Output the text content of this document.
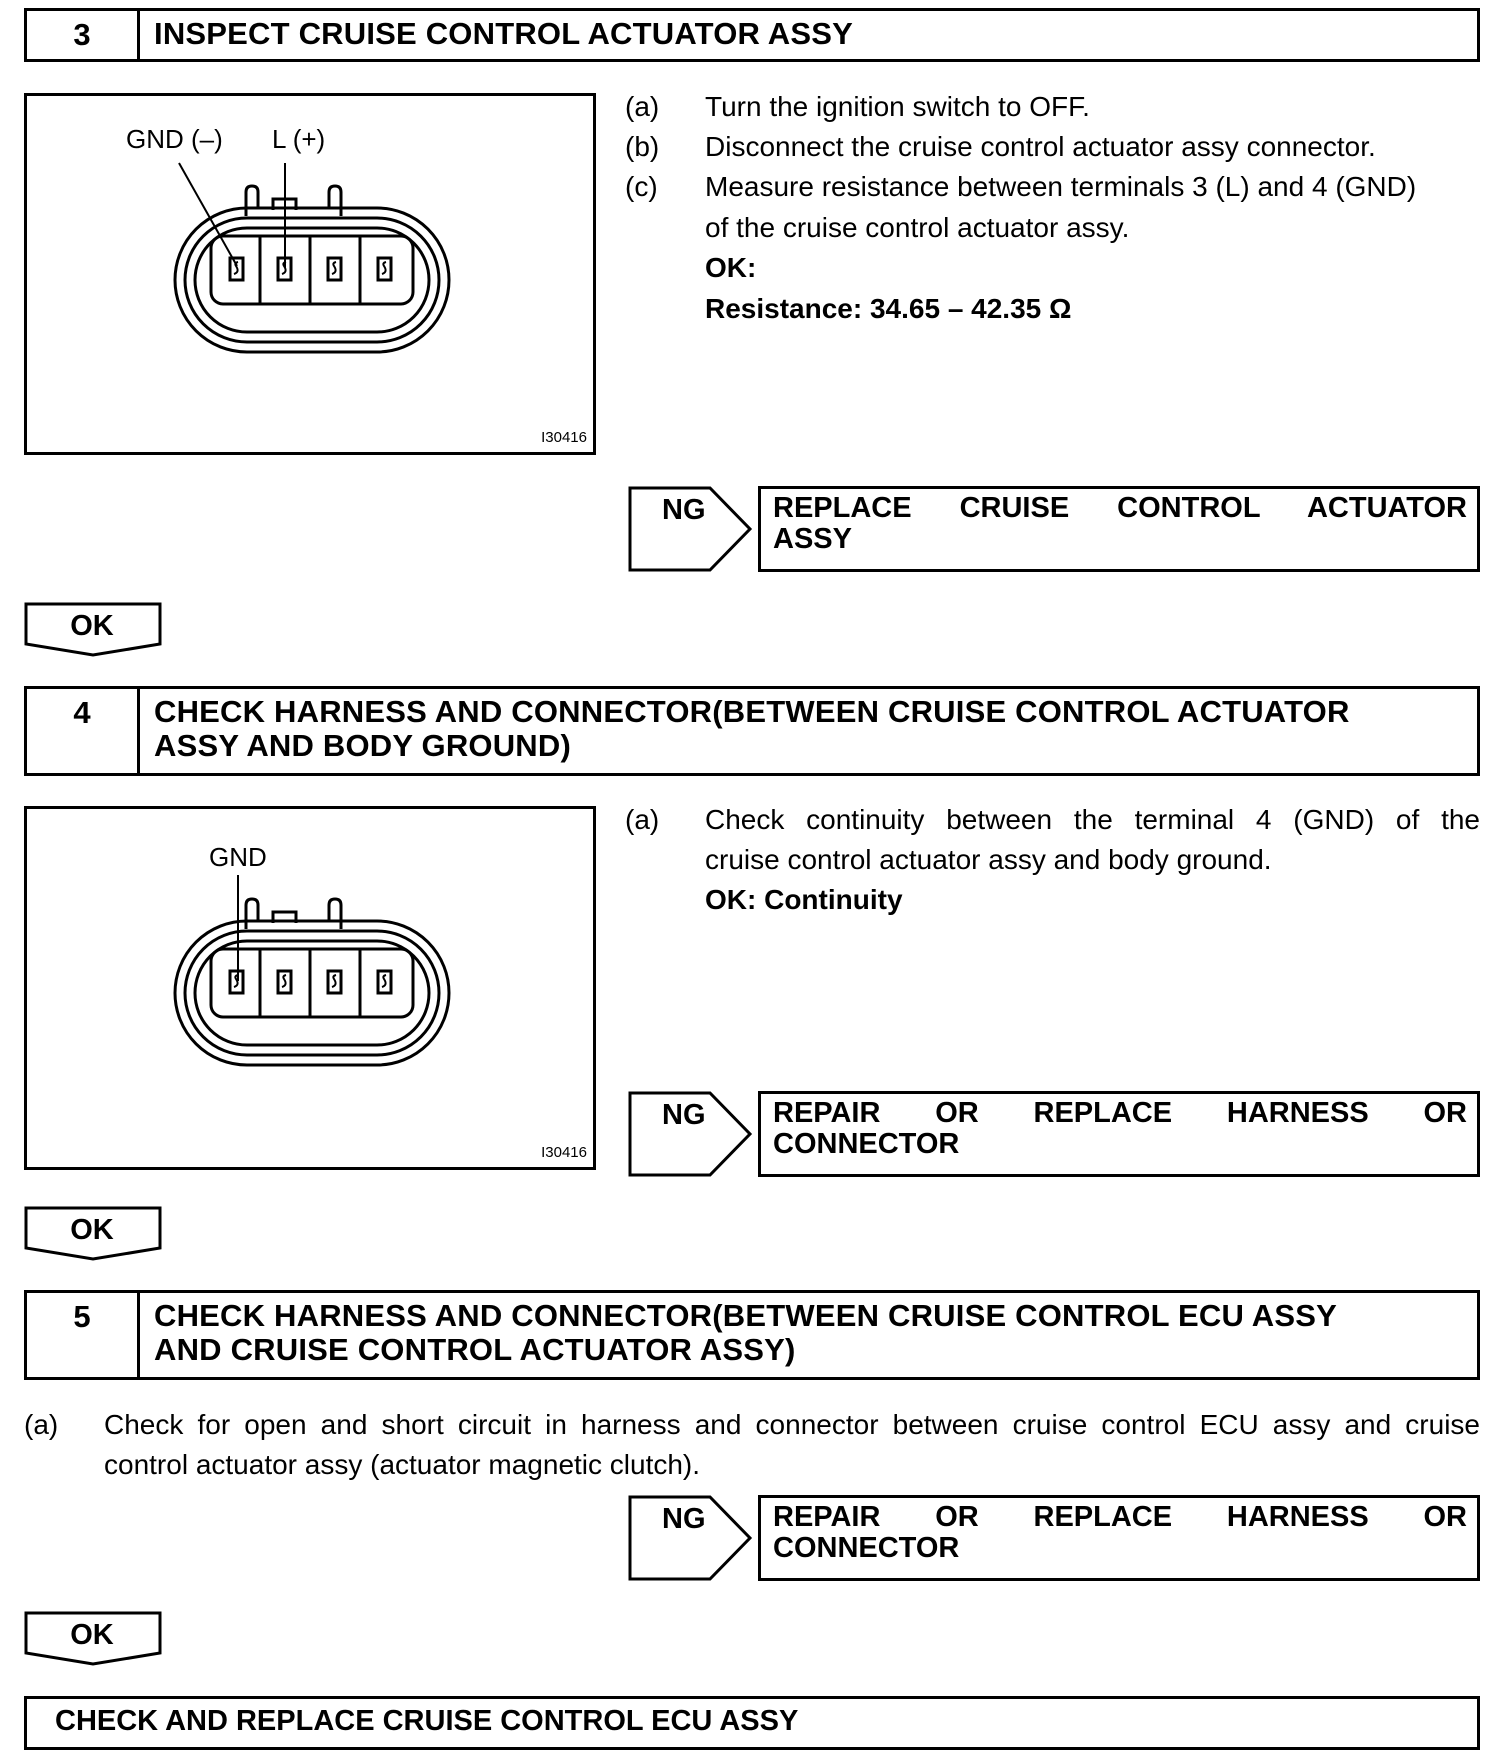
3	INSPECT CRUISE CONTROL ACTUATOR ASSY
GND (–) L (+)
I30416
(a) Turn the ignition switch to OFF.
(b) Disconnect the cruise control actuator assy connector.
(c) Measure resistance between terminals 3 (L) and 4 (GND)
of the cruise control actuator assy.
OK:
Resistance: 34.65 – 42.35 Ω
NG REPLACE CRUISE CONTROL ACTUATOR
ASSY
OK
4	CHECK HARNESS AND CONNECTOR(BETWEEN CRUISE CONTROL ACTUATOR
ASSY AND BODY GROUND)
GND
I30416
(a) Check continuity between the terminal 4 (GND) of the
cruise control actuator assy and body ground.
OK: Continuity
NG REPAIR OR REPLACE HARNESS OR
CONNECTOR
OK
5	CHECK HARNESS AND CONNECTOR(BETWEEN CRUISE CONTROL ECU ASSY
AND CRUISE CONTROL ACTUATOR ASSY)
(a) Check for open and short circuit in harness and connector between cruise control ECU assy and cruise
control actuator assy (actuator magnetic clutch).
NG REPAIR OR REPLACE HARNESS OR
CONNECTOR
OK
CHECK AND REPLACE CRUISE CONTROL ECU ASSY
